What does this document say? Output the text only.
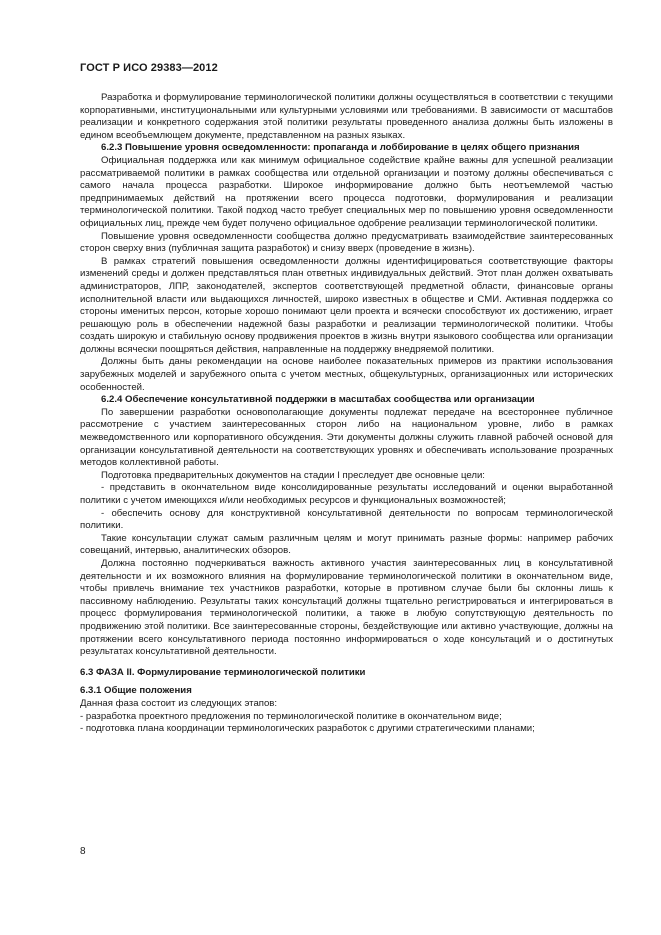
ГОСТ Р ИСО 29383—2012

Разработка и формулирование терминологической политики должны осуществляться в соответствии с текущими корпоративными, институциональными или культурными условиями или требованиями. В зависимости от масштабов реализации и конкретного содержания этой политики результаты проведенного анализа должны быть изложены в едином всеобъемлющем документе, представленном на разных языках.

6.2.3 Повышение уровня осведомленности: пропаганда и лоббирование в целях общего признания

Официальная поддержка или как минимум официальное содействие крайне важны для успешной реализации рассматриваемой политики в рамках сообщества или отдельной организации и поэтому должны обеспечиваться с самого начала процесса разработки. Широкое информирование должно быть неотъемлемой частью предпринимаемых действий на протяжении всего процесса подготовки, формулирования и реализации терминологической политики. Такой подход часто требует специальных мер по повышению уровня осведомленности официальных лиц, прежде чем будет получено официальное одобрение реализации терминологической политики.

Повышение уровня осведомленности сообщества должно предусматривать взаимодействие заинтересованных сторон сверху вниз (публичная защита разработок) и снизу вверх (проведение в жизнь).

В рамках стратегий повышения осведомленности должны идентифицироваться соответствующие факторы изменений среды и должен представляться план ответных индивидуальных действий. Этот план должен охватывать администраторов, ЛПР, законодателей, экспертов соответствующей предметной области, финансовые органы исполнительной власти или выдающихся личностей, широко известных в обществе и СМИ. Активная поддержка со стороны именитых персон, которые хорошо понимают цели проекта и всячески способствуют их достижению, играет решающую роль в обеспечении надежной базы разработки и реализации терминологической политики. Чтобы создать широкую и стабильную основу продвижения проектов в жизнь внутри языкового сообщества или организации должны всячески поощряться действия, направленные на поддержку внедряемой политики.

Должны быть даны рекомендации на основе наиболее показательных примеров из практики использования зарубежных моделей и зарубежного опыта с учетом местных, общекультурных, организационных или исторических особенностей.

6.2.4 Обеспечение консультативной поддержки в масштабах сообщества или организации

По завершении разработки основополагающие документы подлежат передаче на всестороннее публичное рассмотрение с участием заинтересованных сторон либо на национальном уровне, либо в рамках межведомственного или корпоративного обсуждения. Эти документы должны служить главной рабочей основой для организации консультативной деятельности на соответствующих уровнях и обеспечивать использование прозрачных методов коллективной работы.

Подготовка предварительных документов на стадии I преследует две основные цели:

- представить в окончательном виде консолидированные результаты исследований и оценки выработанной политики с учетом имеющихся и/или необходимых ресурсов и функциональных возможностей;

- обеспечить основу для конструктивной консультативной деятельности по вопросам терминологической политики.

Такие консультации служат самым различным целям и могут принимать разные формы: например рабочих совещаний, интервью, аналитических обзоров.

Должна постоянно подчеркиваться важность активного участия заинтересованных лиц в консультативной деятельности и их возможного влияния на формулирование терминологической политики в окончательном виде, чтобы привлечь внимание тех участников разработки, которые в противном случае были бы склонны лишь к пассивному наблюдению. Результаты таких консультаций должны тщательно регистрироваться и интегрироваться в процесс формулирования терминологической политики, а также в любую сопутствующую деятельность по продвижению этой политики. Все заинтересованные стороны, бездействующие или активно участвующие, должны на протяжении всего консультативного периода постоянно информироваться о ходе консультаций и о достигнутых результатах консультативной деятельности.

6.3 ФАЗА II. Формулирование терминологической политики

6.3.1 Общие положения

Данная фаза состоит из следующих этапов:

- разработка проектного предложения по терминологической политике в окончательном виде;

- подготовка плана координации терминологических разработок с другими стратегическими планами;

8
